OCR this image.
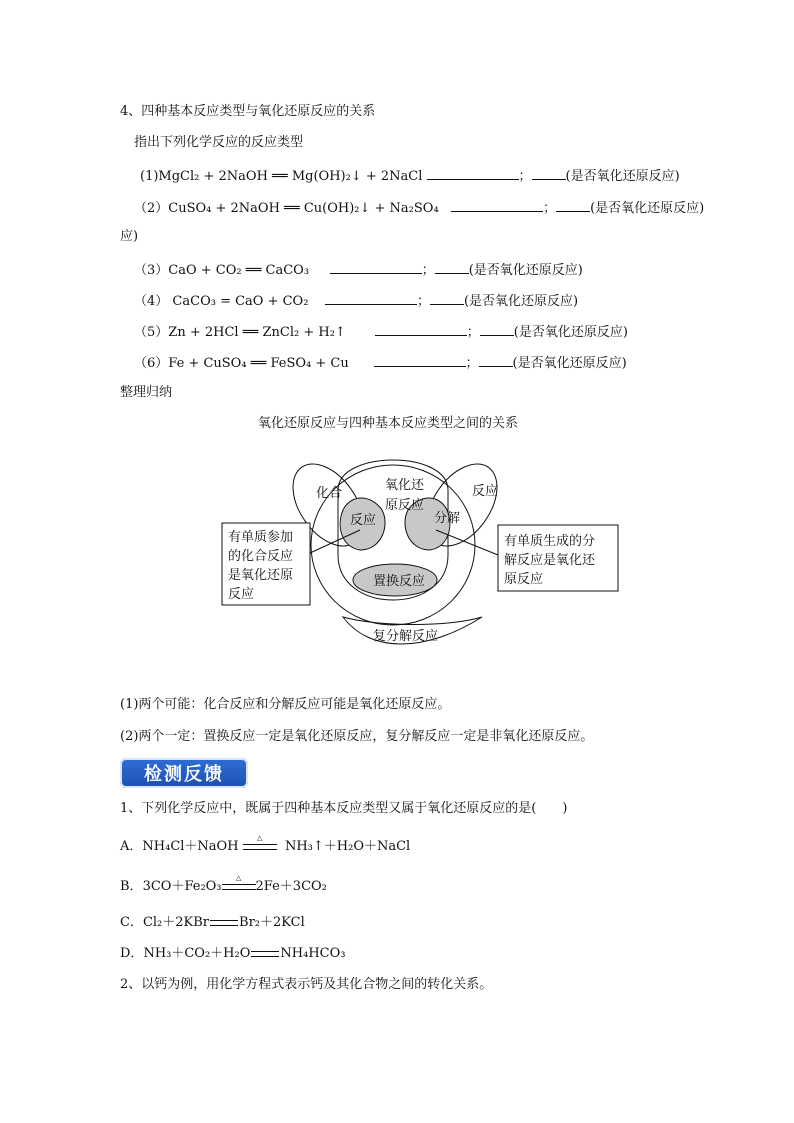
4、四种基本反应类型与氧化还原反应的关系
指出下列化学反应的反应类型
(1)MgCl₂ + 2NaOH ══ Mg(OH)₂↓ + 2NaCl	；	(是否氧化还原反应)
（2）CuSO₄ + 2NaOH ══ Cu(OH)₂↓ + Na₂SO₄	；	(是否氧化还原反应)
应)
（3）CaO + CO₂ ══ CaCO₃	；	(是否氧化还原反应)
（4） CaCO₃ = CaO + CO₂	；	(是否氧化还原反应)
（5）Zn + 2HCl ══ ZnCl₂ + H₂↑	；	(是否氧化还原反应)
（6）Fe + CuSO₄ ══ FeSO₄ + Cu	；	(是否氧化还原反应)
整理归纳
氧化还原反应与四种基本反应类型之间的关系
化合
氧化还
原反应
反应
反应	分解
置换反应
复分解反应
有单质参加
的化合反应
是氧化还原
反应
有单质生成的分
解反应是氧化还
原反应
(1)两个可能：化合反应和分解反应可能是氧化还原反应。
(2)两个一定：置换反应一定是氧化还原反应，复分解反应一定是非氧化还原反应。
检测反馈
1、下列化学反应中，既属于四种基本反应类型又属于氧化还原反应的是(　　)
A．NH₄Cl＋NaOH
△
NH₃↑＋H₂O＋NaCl
B．3CO＋Fe₂O₃
△
2Fe＋3CO₂
C．Cl₂＋2KBr Br₂＋2KCl
D．NH₃＋CO₂＋H₂O NH₄HCO₃
2、以钙为例，用化学方程式表示钙及其化合物之间的转化关系。
